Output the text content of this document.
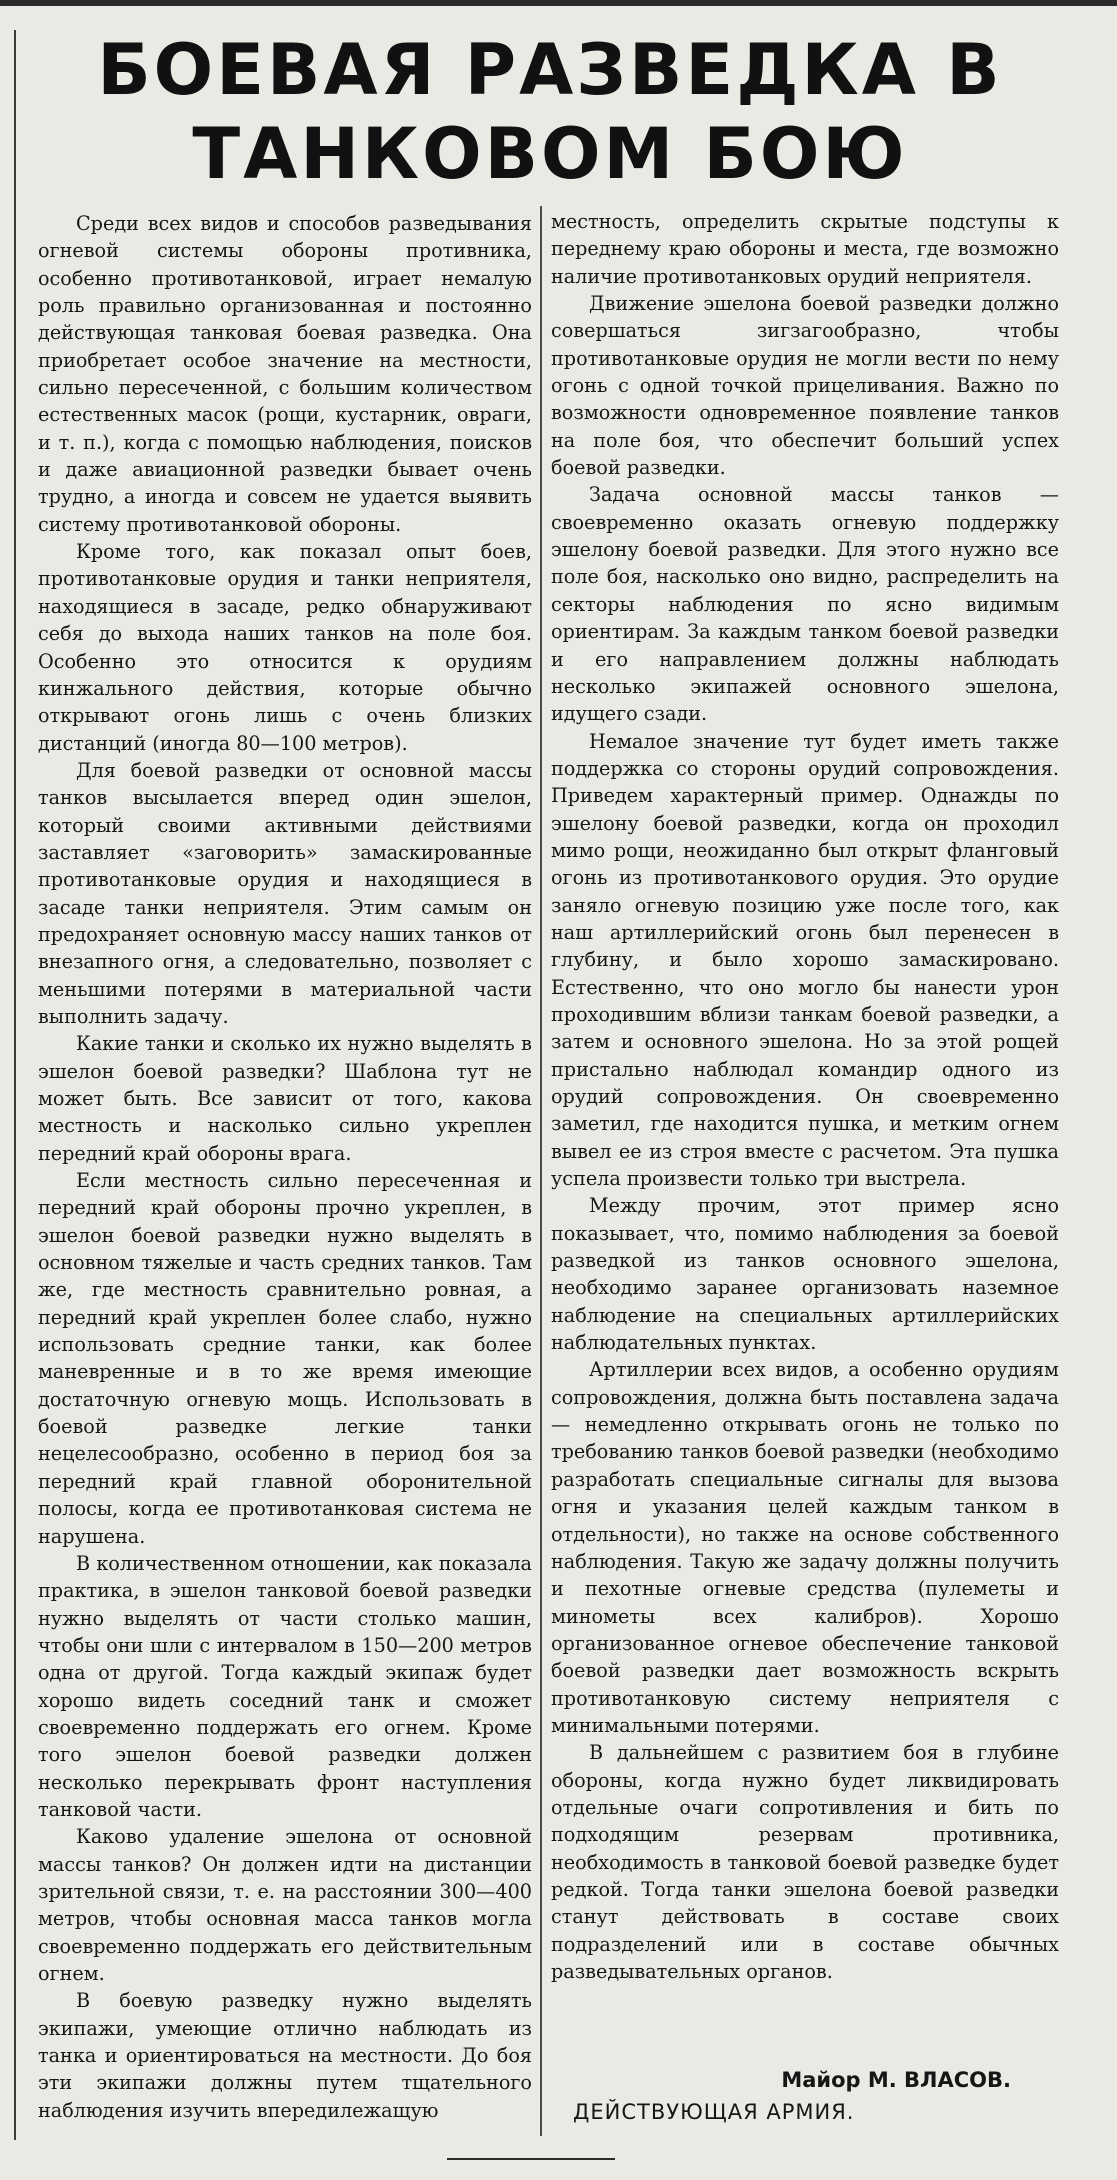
БОЕВАЯ РАЗВЕДКА В
ТАНКОВОМ БОЮ

Среди всех видов и способов разведывания огневой системы обороны противника, особенно противотанковой, играет немалую роль правильно организованная и постоянно действующая танковая боевая разведка. Она приобретает особое значение на местности, сильно пересеченной, с большим количеством естественных масок (рощи, кустарник, овраги, и т. п.), когда с помощью наблюдения, поисков и даже авиационной разведки бывает очень трудно, а иногда и совсем не удается выявить систему противотанковой обороны.

Кроме того, как показал опыт боев, противотанковые орудия и танки неприятеля, находящиеся в засаде, редко обнаруживают себя до выхода наших танков на поле боя. Особенно это относится к орудиям кинжального действия, которые обычно открывают огонь лишь с очень близких дистанций (иногда 80—100 метров).

Для боевой разведки от основной массы танков высылается вперед один эшелон, который своими активными действиями заставляет «заговорить» замаскированные противотанковые орудия и находящиеся в засаде танки неприятеля. Этим самым он предохраняет основную массу наших танков от внезапного огня, а следовательно, позволяет с меньшими потерями в материальной части выполнить задачу.

Какие танки и сколько их нужно выделять в эшелон боевой разведки? Шаблона тут не может быть. Все зависит от того, какова местность и насколько сильно укреплен передний край обороны врага.

Если местность сильно пересеченная и передний край обороны прочно укреплен, в эшелон боевой разведки нужно выделять в основном тяжелые и часть средних танков. Там же, где местность сравнительно ровная, а передний край укреплен более слабо, нужно использовать средние танки, как более маневренные и в то же время имеющие достаточную огневую мощь. Использовать в боевой разведке легкие танки нецелесообразно, особенно в период боя за передний край главной оборонительной полосы, когда ее противотанковая система не нарушена.

В количественном отношении, как показала практика, в эшелон танковой боевой разведки нужно выделять от части столько машин, чтобы они шли с интервалом в 150—200 метров одна от другой. Тогда каждый экипаж будет хорошо видеть соседний танк и сможет своевременно поддержать его огнем. Кроме того эшелон боевой разведки должен несколько перекрывать фронт наступления танковой части.

Каково удаление эшелона от основной массы танков? Он должен идти на дистанции зрительной связи, т. е. на расстоянии 300—400 метров, чтобы основная масса танков могла своевременно поддержать его действительным огнем.

В боевую разведку нужно выделять экипажи, умеющие отлично наблюдать из танка и ориентироваться на местности. До боя эти экипажи должны путем тщательного наблюдения изучить впередилежащую

местность, определить скрытые подступы к переднему краю обороны и места, где возможно наличие противотанковых орудий неприятеля.

Движение эшелона боевой разведки должно совершаться зигзагообразно, чтобы противотанковые орудия не могли вести по нему огонь с одной точкой прицеливания. Важно по возможности одновременное появление танков на поле боя, что обеспечит больший успех боевой разведки.

Задача основной массы танков — своевременно оказать огневую поддержку эшелону боевой разведки. Для этого нужно все поле боя, насколько оно видно, распределить на секторы наблюдения по ясно видимым ориентирам. За каждым танком боевой разведки и его направлением должны наблюдать несколько экипажей основного эшелона, идущего сзади.

Немалое значение тут будет иметь также поддержка со стороны орудий сопровождения. Приведем характерный пример. Однажды по эшелону боевой разведки, когда он проходил мимо рощи, неожиданно был открыт фланговый огонь из противотанкового орудия. Это орудие заняло огневую позицию уже после того, как наш артиллерийский огонь был перенесен в глубину, и было хорошо замаскировано. Естественно, что оно могло бы нанести урон проходившим вблизи танкам боевой разведки, а затем и основного эшелона. Но за этой рощей пристально наблюдал командир одного из орудий сопровождения. Он своевременно заметил, где находится пушка, и метким огнем вывел ее из строя вместе с расчетом. Эта пушка успела произвести только три выстрела.

Между прочим, этот пример ясно показывает, что, помимо наблюдения за боевой разведкой из танков основного эшелона, необходимо заранее организовать наземное наблюдение на специальных артиллерийских наблюдательных пунктах.

Артиллерии всех видов, а особенно орудиям сопровождения, должна быть поставлена задача — немедленно открывать огонь не только по требованию танков боевой разведки (необходимо разработать специальные сигналы для вызова огня и указания целей каждым танком в отдельности), но также на основе собственного наблюдения. Такую же задачу должны получить и пехотные огневые средства (пулеметы и минометы всех калибров). Хорошо организованное огневое обеспечение танковой боевой разведки дает возможность вскрыть противотанковую систему неприятеля с минимальными потерями.

В дальнейшем с развитием боя в глубине обороны, когда нужно будет ликвидировать отдельные очаги сопротивления и бить по подходящим резервам противника, необходимость в танковой боевой разведке будет редкой. Тогда танки эшелона боевой разведки станут действовать в составе своих подразделений или в составе обычных разведывательных органов.

Майор М. ВЛАСОВ.
ДЕЙСТВУЮЩАЯ АРМИЯ.
